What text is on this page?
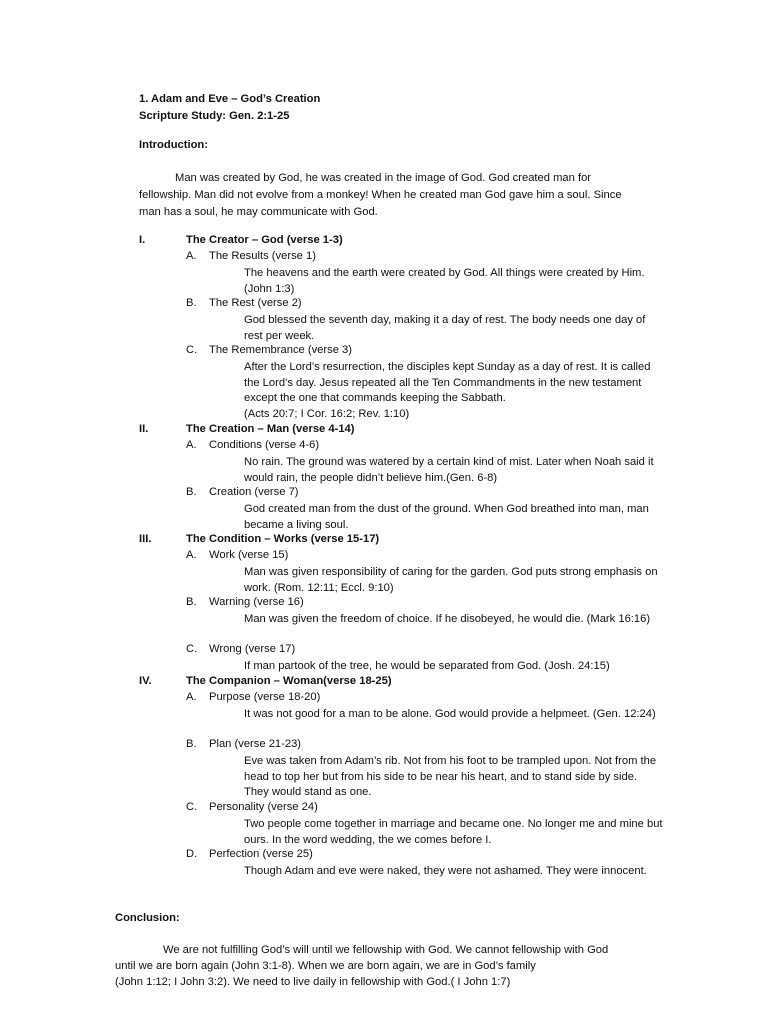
1. Adam and Eve – God’s Creation
Scripture Study: Gen. 2:1-25
Introduction:
Man was created by God, he was created in the image of God. God created man for
fellowship. Man did not evolve from a monkey! When he created man God gave him a soul. Since
man has a soul, he may communicate with God.
I.	The Creator – God (verse 1-3)
A. The Results (verse 1)
The heavens and the earth were created by God. All things were created by Him. (John 1:3)
B. The Rest (verse 2)
God blessed the seventh day, making it a day of rest. The body needs one day of rest per week.
C. The Remembrance (verse 3)
After the Lord’s resurrection, the disciples kept Sunday as a day of rest. It is called the Lord’s day. Jesus repeated all the Ten Commandments in the new testament except the one that commands keeping the Sabbath.
(Acts 20:7; I Cor. 16:2; Rev. 1:10)
II.	The Creation – Man (verse 4-14)
A. Conditions (verse 4-6)
No rain. The ground was watered by a certain kind of mist. Later when Noah said it would rain, the people didn’t believe him.(Gen. 6-8)
B. Creation (verse 7)
God created man from the dust of the ground. When God breathed into man, man became a living soul.
III.	The Condition – Works (verse 15-17)
A. Work (verse 15)
Man was given responsibility of caring for the garden. God puts strong emphasis on work. (Rom. 12:11; Eccl. 9:10)
B. Warning (verse 16)
Man was given the freedom of choice. If he disobeyed, he would die. (Mark 16:16)
C. Wrong (verse 17)
If man partook of the tree, he would be separated from God. (Josh. 24:15)
IV.	The Companion – Woman(verse 18-25)
A. Purpose (verse 18-20)
It was not good for a man to be alone. God would provide a helpmeet. (Gen. 12:24)
B. Plan (verse 21-23)
Eve was taken from Adam’s rib. Not from his foot to be trampled upon. Not from the head to top her but from his side to be near his heart, and to stand side by side. They would stand as one.
C. Personality (verse 24)
Two people come together in marriage and became one. No longer me and mine but ours. In the word wedding, the we comes before I.
D. Perfection (verse 25)
Though Adam and eve were naked, they were not ashamed. They were innocent.
Conclusion:
We are not fulfilling God’s will until we fellowship with God. We cannot fellowship with God
until we are born again (John 3:1-8). When we are born again, we are in God’s family
(John 1:12; I John 3:2). We need to live daily in fellowship with God.( I John 1:7)
